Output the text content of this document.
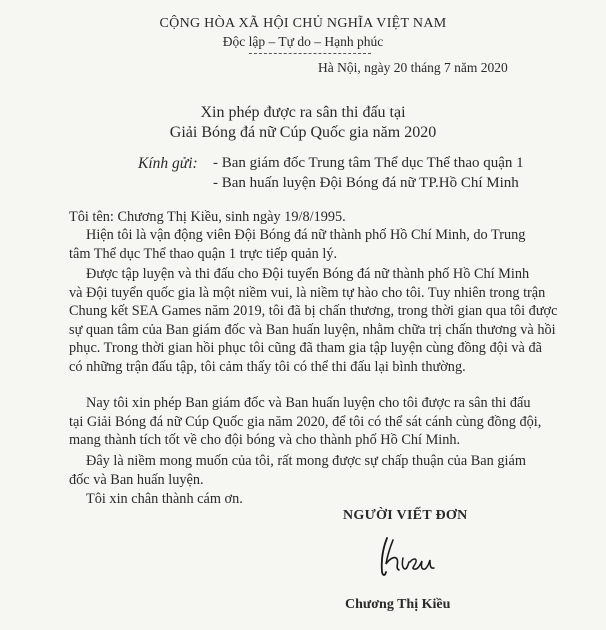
CỘNG HÒA XÃ HỘI CHỦ NGHĨA VIỆT NAM
Độc lập – Tự do – Hạnh phúc
Hà Nội, ngày 20 tháng 7 năm 2020
Xin phép được ra sân thi đấu tại
Giải Bóng đá nữ Cúp Quốc gia năm 2020
Kính gửi: - Ban giám đốc Trung tâm Thể dục Thể thao quận 1
- Ban huấn luyện Đội Bóng đá nữ TP.Hồ Chí Minh
Tôi tên: Chương Thị Kiều, sinh ngày 19/8/1995.
Hiện tôi là vận động viên Đội Bóng đá nữ thành phố Hồ Chí Minh, do Trung
tâm Thể dục Thể thao quận 1 trực tiếp quản lý.
Được tập luyện và thi đấu cho Đội tuyển Bóng đá nữ thành phố Hồ Chí Minh
và Đội tuyển quốc gia là một niềm vui, là niềm tự hào cho tôi. Tuy nhiên trong trận
Chung kết SEA Games năm 2019, tôi đã bị chấn thương, trong thời gian qua tôi được
sự quan tâm của Ban giám đốc và Ban huấn luyện, nhằm chữa trị chấn thương và hồi
phục. Trong thời gian hồi phục tôi cũng đã tham gia tập luyện cùng đồng đội và đã
có những trận đấu tập, tôi cảm thấy tôi có thể thi đấu lại bình thường.
Nay tôi xin phép Ban giám đốc và Ban huấn luyện cho tôi được ra sân thi đấu
tại Giải Bóng đá nữ Cúp Quốc gia năm 2020, để tôi có thể sát cánh cùng đồng đội,
mang thành tích tốt về cho đội bóng và cho thành phố Hồ Chí Minh.
Đây là niềm mong muốn của tôi, rất mong được sự chấp thuận của Ban giám
đốc và Ban huấn luyện.
Tôi xin chân thành cám ơn.
NGƯỜI VIẾT ĐƠN
Chương Thị Kiều
